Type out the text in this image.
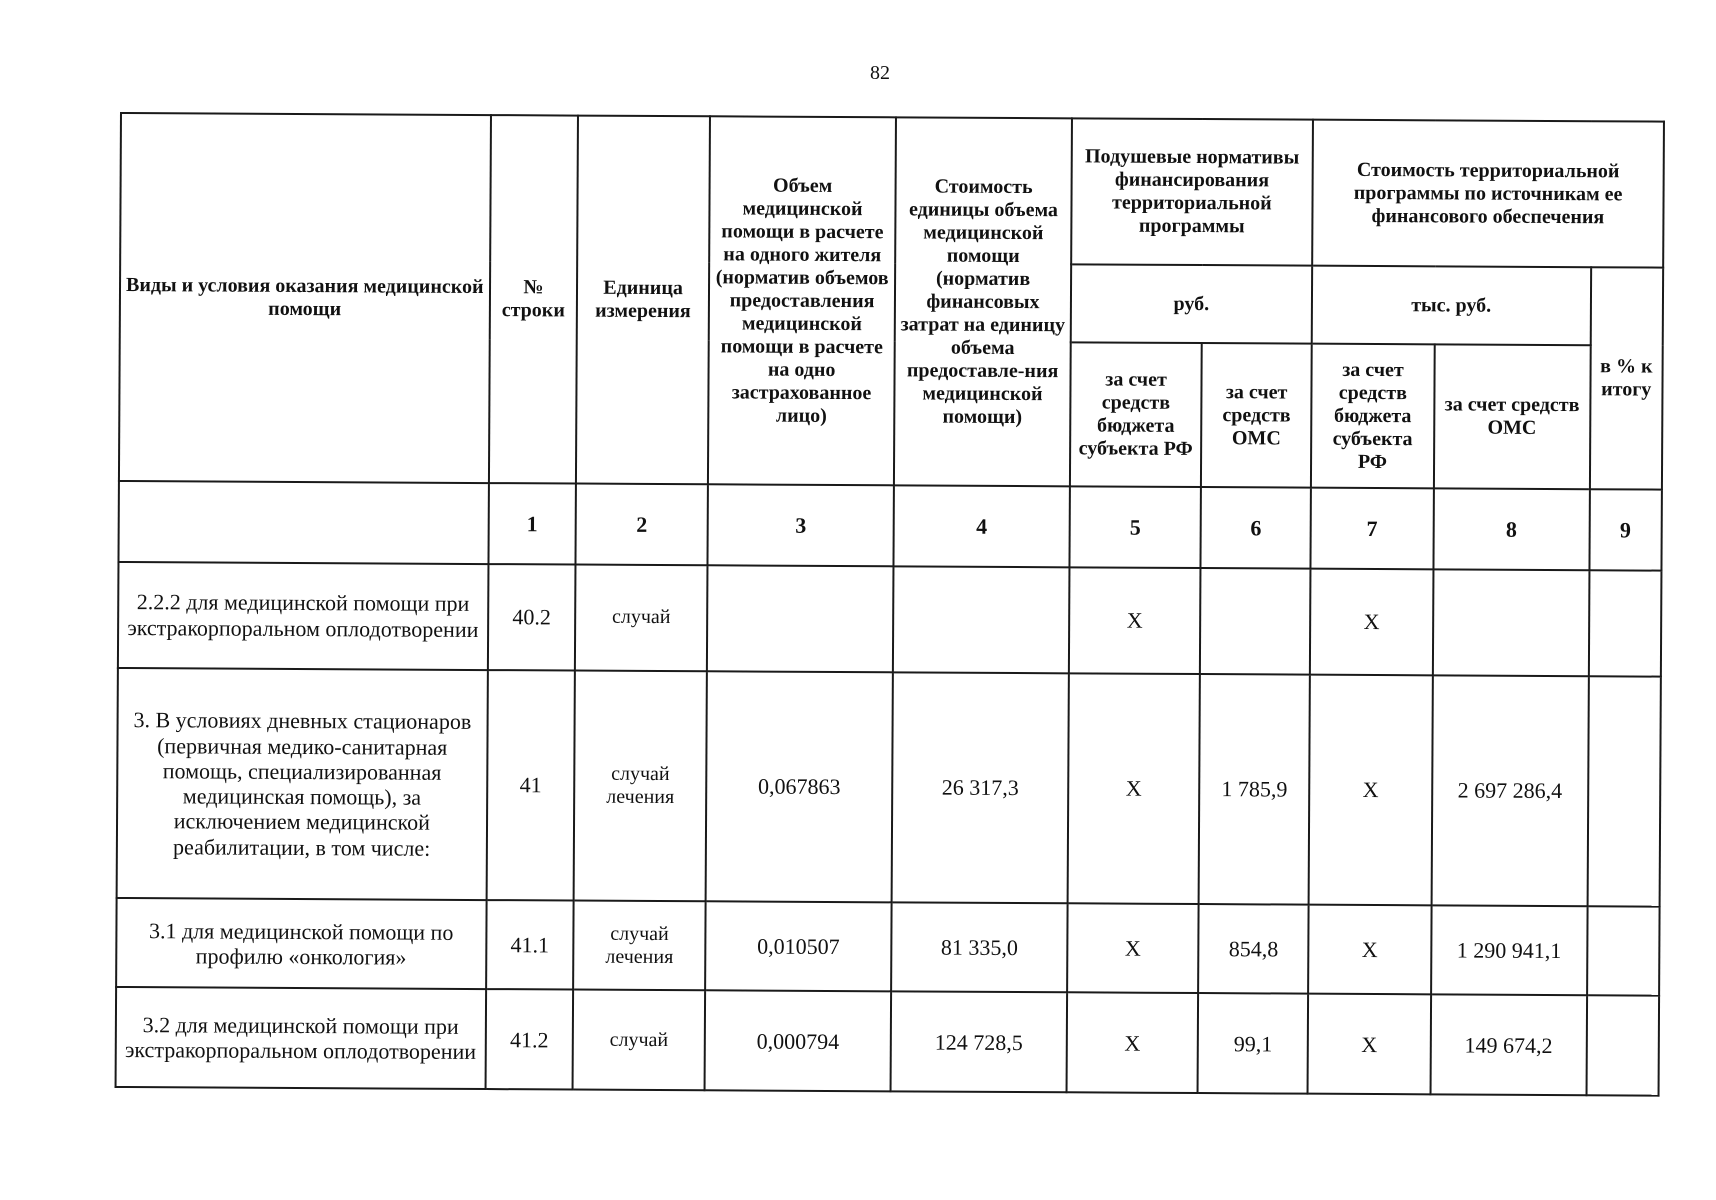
82
Виды и условия оказания медицинской помощи	№ строки	Единица измерения	Объем медицинской помощи в расчете на одного жителя (норматив объемов предоставления медицинской помощи в расчете на одно застрахованное лицо)	Стоимость единицы объема медицинской помощи (норматив финансовых затрат на единицу объема предоставле-ния медицинской помощи)	Подушевые нормативы финансирования территориальной программы		Стоимость территориальной программы по источникам ее финансового обеспечения		
					руб.		тыс. руб.		в % к итогу
					за счет средств бюджета субъекта РФ	за счет средств ОМС	за счет средств бюджета субъекта РФ	за счет средств ОМС	
	1	2	3	4	5	6	7	8	9
2.2.2 для медицинской помощи при экстракорпоральном оплодотворении	40.2	случай			Х		Х		
3. В условиях дневных стационаров (первичная медико-санитарная помощь, специализированная медицинская помощь), за исключением медицинской реабилитации, в том числе:	41	случай лечения	0,067863	26 317,3	Х	1 785,9	Х	2 697 286,4	
3.1 для медицинской помощи по профилю «онкология»	41.1	случай лечения	0,010507	81 335,0	Х	854,8	Х	1 290 941,1	
3.2 для медицинской помощи при экстракорпоральном оплодотворении	41.2	случай	0,000794	124 728,5	Х	99,1	Х	149 674,2	
